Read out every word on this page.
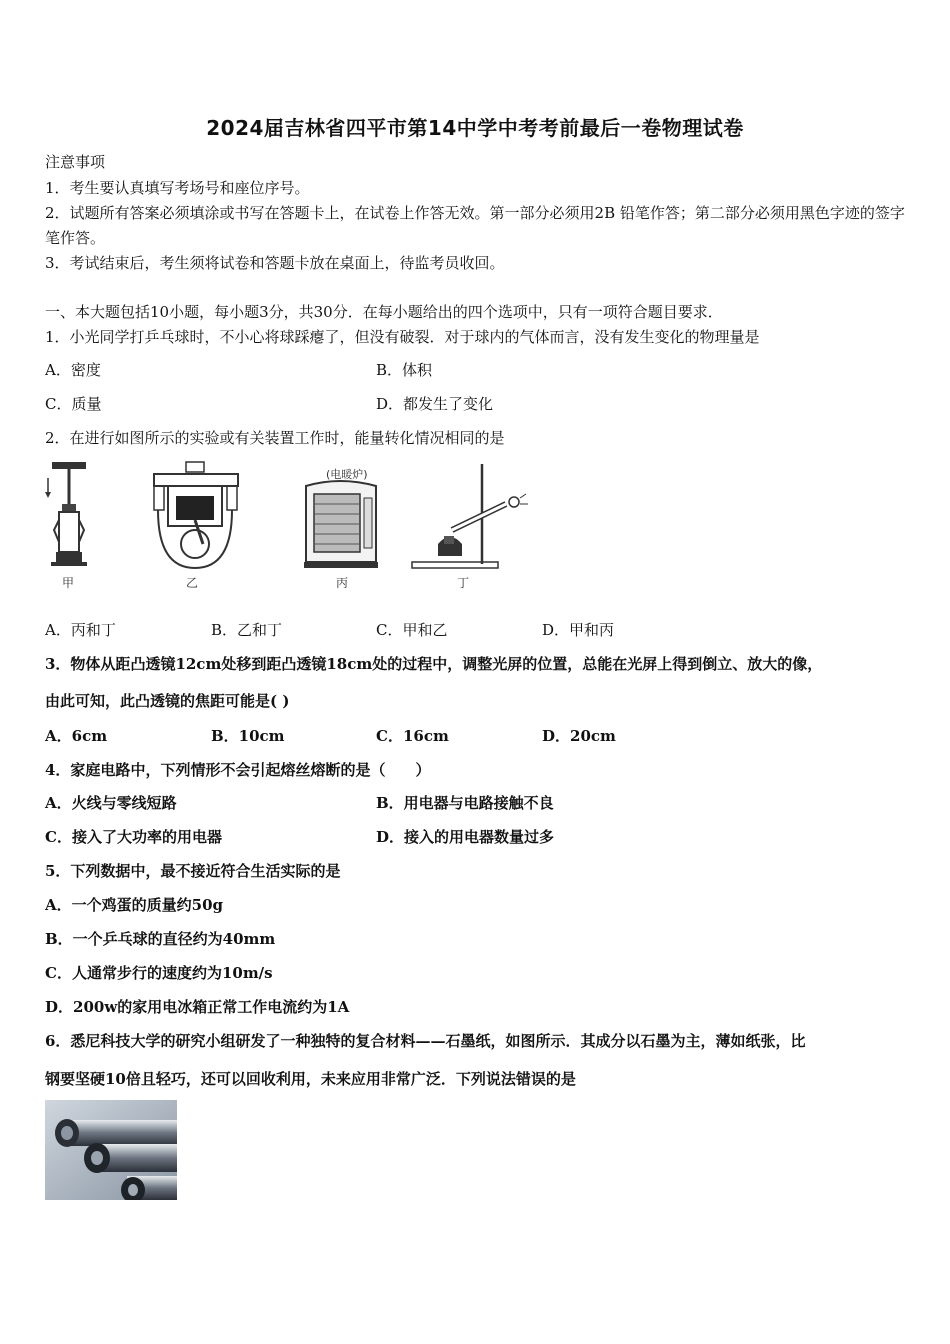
2024届吉林省四平市第14中学中考考前最后一卷物理试卷
注意事项
1．考生要认真填写考场号和座位序号。
2．试题所有答案必须填涂或书写在答题卡上，在试卷上作答无效。第一部分必须用2B 铅笔作答；第二部分必须用黑色字迹的签字笔作答。
3．考试结束后，考生须将试卷和答题卡放在桌面上，待监考员收回。
一、本大题包括10小题，每小题3分，共30分．在每小题给出的四个选项中，只有一项符合题目要求．
1．小光同学打乒乓球时，不小心将球踩瘪了，但没有破裂．对于球内的气体而言，没有发生变化的物理量是
A．密度	B．体积
C．质量	D．都发生了变化
2．在进行如图所示的实验或有关装置工作时，能量转化情况相同的是
甲	乙
(电暖炉)
丙	丁
A．丙和丁	B．乙和丁	C．甲和乙	D．甲和丙
3．物体从距凸透镜12cm处移到距凸透镜18cm处的过程中，调整光屏的位置，总能在光屏上得到倒立、放大的像，
由此可知，此凸透镜的焦距可能是( )
A．6cm	B．10cm	C．16cm	D．20cm
4．家庭电路中，下列情形不会引起熔丝熔断的是（　　）
A．火线与零线短路	B．用电器与电路接触不良
C．接入了大功率的用电器	D．接入的用电器数量过多
5．下列数据中，最不接近符合生活实际的是
A．一个鸡蛋的质量约50g
B．一个乒乓球的直径约为40mm
C．人通常步行的速度约为10m/s
D．200w的家用电冰箱正常工作电流约为1A
6．悉尼科技大学的研究小组研发了一种独特的复合材料——石墨纸，如图所示．其成分以石墨为主，薄如纸张，比
钢要坚硬10倍且轻巧，还可以回收利用，未来应用非常广泛．下列说法错误的是
